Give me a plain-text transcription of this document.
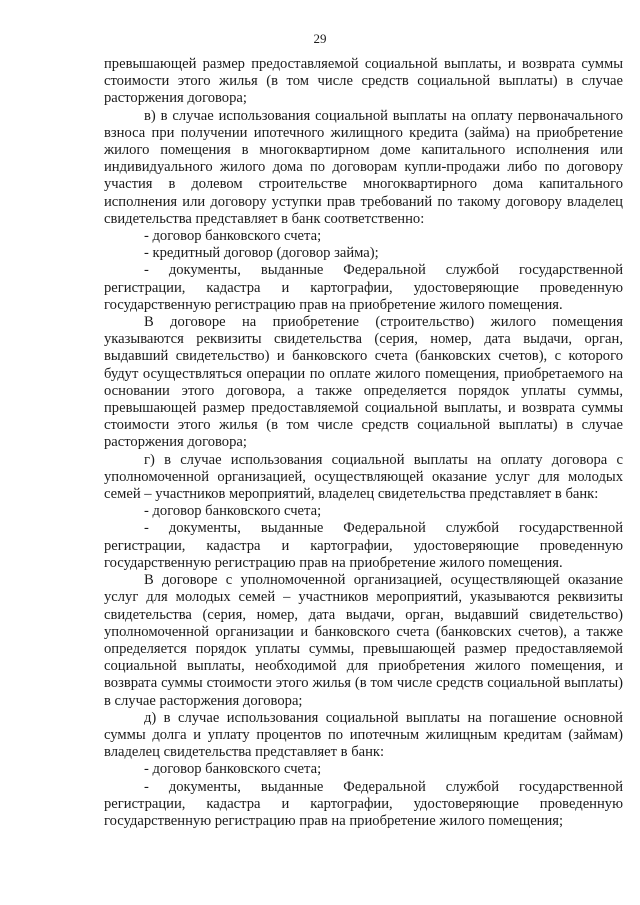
29

превышающей размер предоставляемой социальной выплаты, и возврата суммы стоимости этого жилья (в том числе средств социальной выплаты) в случае расторжения договора;

в) в случае использования социальной выплаты на оплату первоначального взноса при получении ипотечного жилищного кредита (займа) на приобретение жилого помещения в многоквартирном доме капитального исполнения или индивидуального жилого дома по договорам купли-продажи либо по договору участия в долевом строительстве многоквартирного дома капитального исполнения или договору уступки прав требований по такому договору владелец свидетельства представляет в банк соответственно:

- договор банковского счета;

- кредитный договор (договор займа);

- документы, выданные Федеральной службой государственной регистрации, кадастра и картографии, удостоверяющие проведенную государственную регистрацию прав на приобретение жилого помещения.

В договоре на приобретение (строительство) жилого помещения указываются реквизиты свидетельства (серия, номер, дата выдачи, орган, выдавший свидетельство) и банковского счета (банковских счетов), с которого будут осуществляться операции по оплате жилого помещения, приобретаемого на основании этого договора, а также определяется порядок уплаты суммы, превышающей размер предоставляемой социальной выплаты, и возврата суммы стоимости этого жилья (в том числе средств социальной выплаты) в случае расторжения договора;

г) в случае использования социальной выплаты на оплату договора с уполномоченной организацией, осуществляющей оказание услуг для молодых семей – участников мероприятий, владелец свидетельства представляет в банк:

- договор банковского счета;

- документы, выданные Федеральной службой государственной регистрации, кадастра и картографии, удостоверяющие проведенную государственную регистрацию прав на приобретение жилого помещения.

В договоре с уполномоченной организацией, осуществляющей оказание услуг для молодых семей – участников мероприятий, указываются реквизиты свидетельства (серия, номер, дата выдачи, орган, выдавший свидетельство) уполномоченной организации и банковского счета (банковских счетов), а также определяется порядок уплаты суммы, превышающей размер предоставляемой социальной выплаты, необходимой для приобретения жилого помещения, и возврата суммы стоимости этого жилья (в том числе средств социальной выплаты) в случае расторжения договора;

д) в случае использования социальной выплаты на погашение основной суммы долга и уплату процентов по ипотечным жилищным кредитам (займам) владелец свидетельства представляет в банк:

- договор банковского счета;

- документы, выданные Федеральной службой государственной регистрации, кадастра и картографии, удостоверяющие проведенную государственную регистрацию прав на приобретение жилого помещения;
